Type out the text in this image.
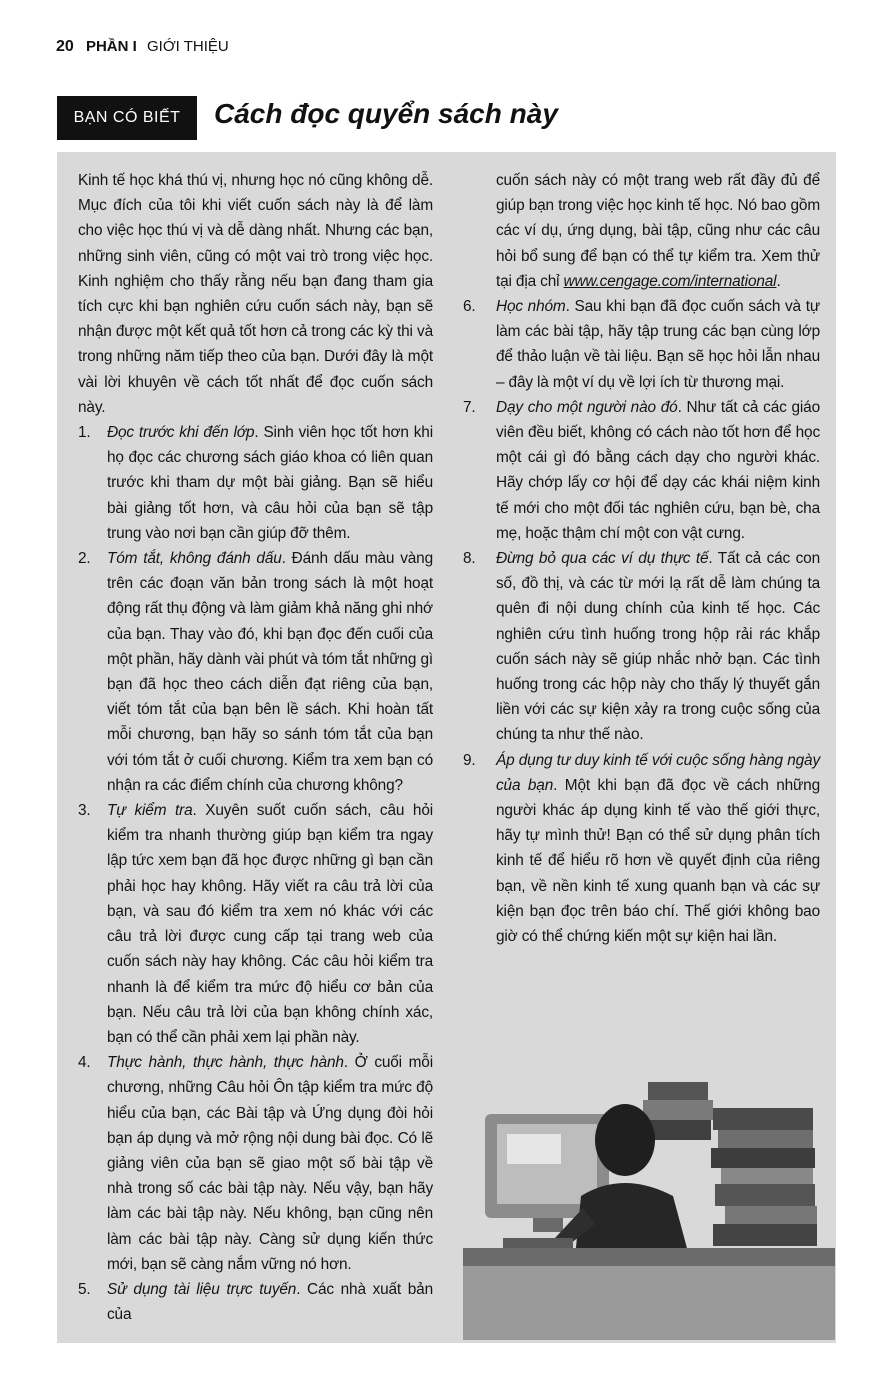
20 PHẦN I GIỚI THIỆU
BẠN CÓ BIẾT Cách đọc quyển sách này

Kinh tế học khá thú vị, nhưng học nó cũng không dễ. Mục đích của tôi khi viết cuốn sách này là để làm cho việc học thú vị và dễ dàng nhất. Nhưng các bạn, những sinh viên, cũng có một vai trò trong việc học. Kinh nghiệm cho thấy rằng nếu bạn đang tham gia tích cực khi bạn nghiên cứu cuốn sách này, bạn sẽ nhận được một kết quả tốt hơn cả trong các kỳ thi và trong những năm tiếp theo của bạn. Dưới đây là một vài lời khuyên về cách tốt nhất để đọc cuốn sách này.

1.	Đọc trước khi đến lớp. Sinh viên học tốt hơn khi họ đọc các chương sách giáo khoa có liên quan trước khi tham dự một bài giảng. Bạn sẽ hiểu bài giảng tốt hơn, và câu hỏi của bạn sẽ tập trung vào nơi bạn cần giúp đỡ thêm.
2.	Tóm tắt, không đánh dấu. Đánh dấu màu vàng trên các đoạn văn bản trong sách là một hoạt động rất thụ động và làm giảm khả năng ghi nhớ của bạn. Thay vào đó, khi bạn đọc đến cuối của một phần, hãy dành vài phút và tóm tắt những gì bạn đã học theo cách diễn đạt riêng của bạn, viết tóm tắt của bạn bên lề sách. Khi hoàn tất mỗi chương, bạn hãy so sánh tóm tắt của bạn với tóm tắt ở cuối chương. Kiểm tra xem bạn có nhận ra các điểm chính của chương không?
3.	Tự kiểm tra. Xuyên suốt cuốn sách, câu hỏi kiểm tra nhanh thường giúp bạn kiểm tra ngay lập tức xem bạn đã học được những gì bạn cần phải học hay không. Hãy viết ra câu trả lời của bạn, và sau đó kiểm tra xem nó khác với các câu trả lời được cung cấp tại trang web của cuốn sách này hay không. Các câu hỏi kiểm tra nhanh là để kiểm tra mức độ hiểu cơ bản của bạn. Nếu câu trả lời của bạn không chính xác, bạn có thể cần phải xem lại phần này.
4.	Thực hành, thực hành, thực hành. Ở cuối mỗi chương, những Câu hỏi Ôn tập kiểm tra mức độ hiểu của bạn, các Bài tập và Ứng dụng đòi hỏi bạn áp dụng và mở rộng nội dung bài đọc. Có lẽ giảng viên của bạn sẽ giao một số bài tập về nhà trong số các bài tập này. Nếu vậy, bạn hãy làm các bài tập này. Nếu không, bạn cũng nên làm các bài tập này. Càng sử dụng kiến thức mới, bạn sẽ càng nắm vững nó hơn.
5.	Sử dụng tài liệu trực tuyến. Các nhà xuất bản của
cuốn sách này có một trang web rất đầy đủ để giúp bạn trong việc học kinh tế học. Nó bao gồm các ví dụ, ứng dụng, bài tập, cũng như các câu hỏi bổ sung để bạn có thể tự kiểm tra. Xem thử tại địa chỉ www.cengage.com/international.
6.	Học nhóm. Sau khi bạn đã đọc cuốn sách và tự làm các bài tập, hãy tập trung các bạn cùng lớp để thảo luận về tài liệu. Bạn sẽ học hỏi lẫn nhau – đây là một ví dụ về lợi ích từ thương mại.
7.	Dạy cho một người nào đó. Như tất cả các giáo viên đều biết, không có cách nào tốt hơn để học một cái gì đó bằng cách dạy cho người khác. Hãy chớp lấy cơ hội để dạy các khái niệm kinh tế mới cho một đối tác nghiên cứu, bạn bè, cha mẹ, hoặc thậm chí một con vật cưng.
8.	Đừng bỏ qua các ví dụ thực tế. Tất cả các con số, đồ thị, và các từ mới lạ rất dễ làm chúng ta quên đi nội dung chính của kinh tế học. Các nghiên cứu tình huống trong hộp rải rác khắp cuốn sách này sẽ giúp nhắc nhở bạn. Các tình huống trong các hộp này cho thấy lý thuyết gắn liền với các sự kiện xảy ra trong cuộc sống của chúng ta như thế nào.
9.	Áp dụng tư duy kinh tế với cuộc sống hàng ngày của bạn. Một khi bạn đã đọc về cách những người khác áp dụng kinh tế vào thế giới thực, hãy tự mình thử! Bạn có thể sử dụng phân tích kinh tế để hiểu rõ hơn về quyết định của riêng bạn, về nền kinh tế xung quanh bạn và các sự kiện bạn đọc trên báo chí. Thế giới không bao giờ có thể chứng kiến một sự kiện hai lần.
